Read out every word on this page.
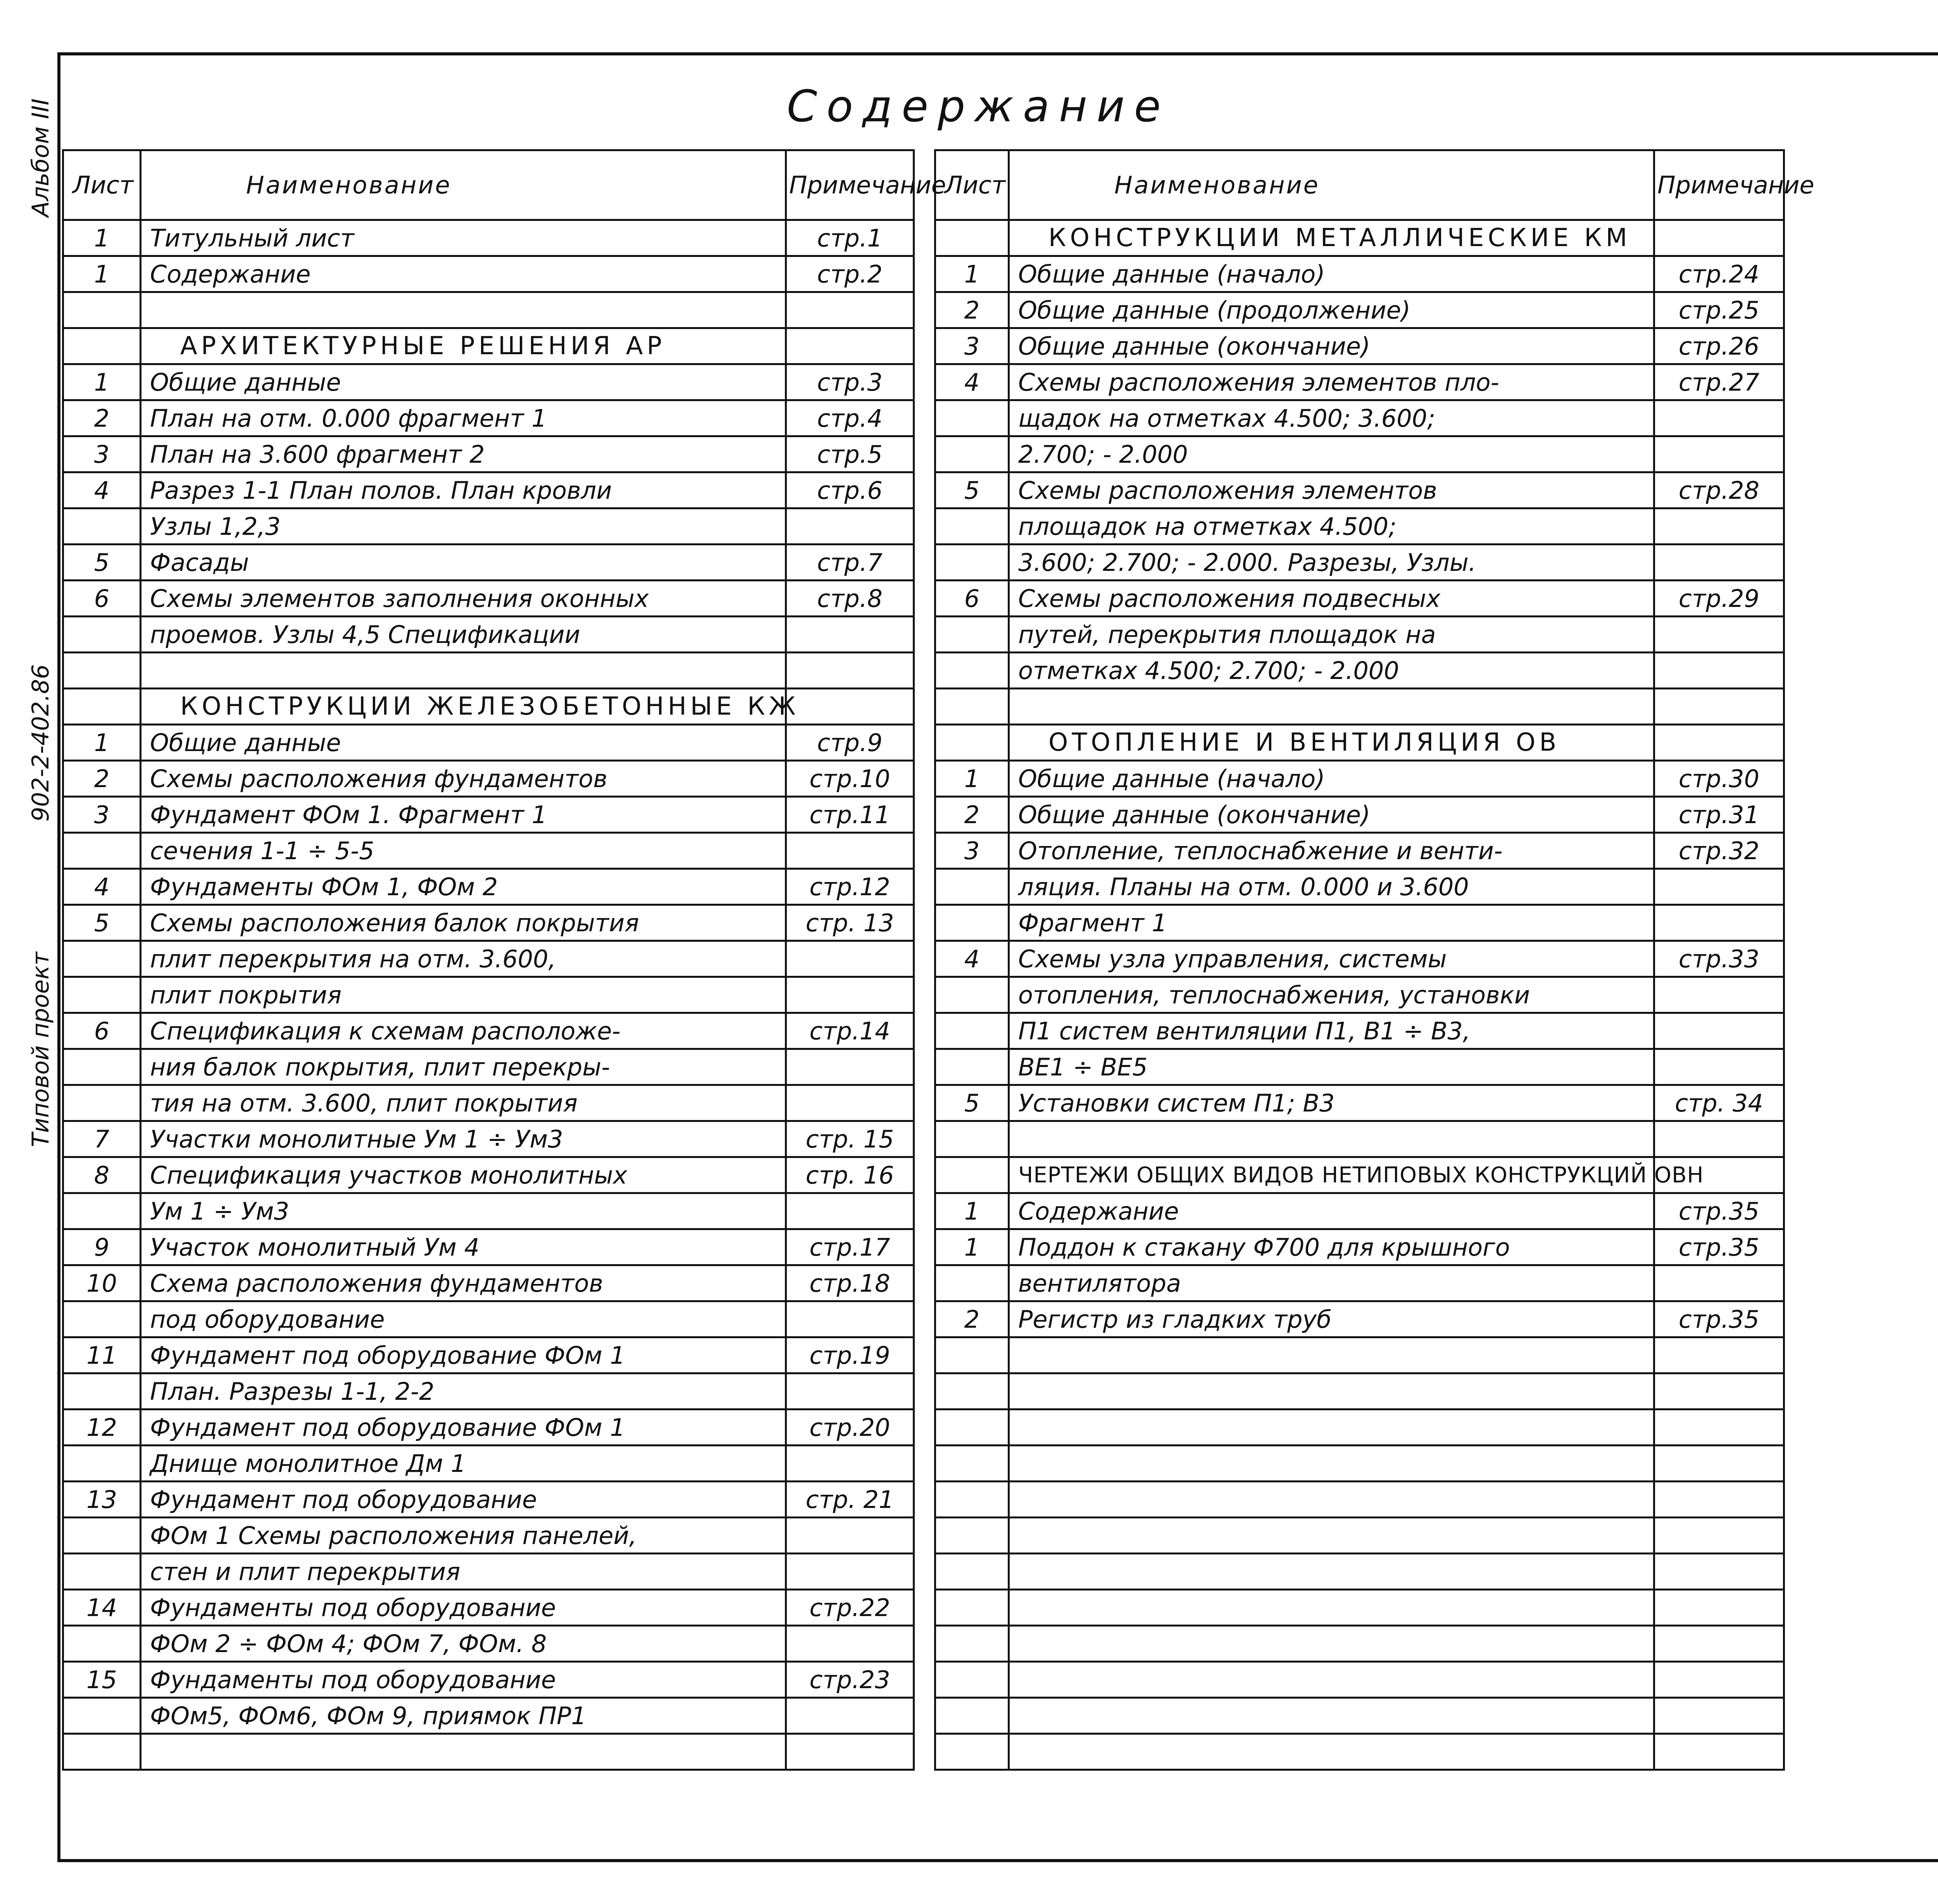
Содержание
Альбом III
902-2-402.86
Типовой проект
Лист	Наименование	Примечание
1	Титульный лист	стр.1
1	Содержание	стр.2

	АРХИТЕКТУРНЫЕ РЕШЕНИЯ АР	
1	Общие данные	стр.3
2	План на отм. 0.000 фрагмент 1	стр.4
3	План на 3.600 фрагмент 2	стр.5
4	Разрез 1-1 План полов. План кровли	стр.6
	Узлы 1,2,3	
5	Фасады	стр.7
6	Схемы элементов заполнения оконных	стр.8
	проемов. Узлы 4,5 Спецификации	

	КОНСТРУКЦИИ ЖЕЛЕЗОБЕТОННЫЕ КЖ	
1	Общие данные	стр.9
2	Схемы расположения фундаментов	стр.10
3	Фундамент ФОм 1. Фрагмент 1	стр.11
	сечения 1-1 ÷ 5-5	
4	Фундаменты ФОм 1, ФОм 2	стр.12
5	Схемы расположения балок покрытия	стр. 13
	плит перекрытия на отм. 3.600,	
	плит покрытия	
6	Спецификация к схемам расположе-	стр.14
	ния балок покрытия, плит перекры-	
	тия на отм. 3.600, плит покрытия	
7	Участки монолитные Ум 1 ÷ Ум3	стр. 15
8	Спецификация участков монолитных	стр. 16
	Ум 1 ÷ Ум3	
9	Участок монолитный Ум 4	стр.17
10	Схема расположения фундаментов	стр.18
	под оборудование	
11	Фундамент под оборудование ФОм 1	стр.19
	План. Разрезы 1-1, 2-2	
12	Фундамент под оборудование ФОм 1	стр.20
	Днище монолитное Дм 1	
13	Фундамент под оборудование	стр. 21
	ФОм 1 Схемы расположения панелей,	
	стен и плит перекрытия	
14	Фундаменты под оборудование	стр.22
	ФОм 2 ÷ ФОм 4; ФОм 7, ФОм. 8	
15	Фундаменты под оборудование	стр.23
	ФОм5, ФОм6, ФОм 9, приямок ПР1	

Лист	Наименование	Примечание
	КОНСТРУКЦИИ МЕТАЛЛИЧЕСКИЕ КМ	
1	Общие данные (начало)	стр.24
2	Общие данные (продолжение)	стр.25
3	Общие данные (окончание)	стр.26
4	Схемы расположения элементов пло-	стр.27
	щадок на отметках 4.500; 3.600;	
	2.700; - 2.000	
5	Схемы расположения элементов	стр.28
	площадок на отметках 4.500;	
	3.600; 2.700; - 2.000. Разрезы, Узлы.	
6	Схемы расположения подвесных	стр.29
	путей, перекрытия площадок на	
	отметках 4.500; 2.700; - 2.000	

	ОТОПЛЕНИЕ И ВЕНТИЛЯЦИЯ ОВ	
1	Общие данные (начало)	стр.30
2	Общие данные (окончание)	стр.31
3	Отопление, теплоснабжение и венти-	стр.32
	ляция. Планы на отм. 0.000 и 3.600	
	Фрагмент 1	
4	Схемы узла управления, системы	стр.33
	отопления, теплоснабжения, установки	
	П1 систем вентиляции П1, В1 ÷ В3,	
	ВЕ1 ÷ ВЕ5	
5	Установки систем П1; В3	стр. 34

	ЧЕРТЕЖИ ОБЩИХ ВИДОВ НЕТИПОВЫХ КОНСТРУКЦИЙ ОВН	
1	Содержание	стр.35
1	Поддон к стакану Ф700 для крышного	стр.35
	вентилятора	
2	Регистр из гладких труб	стр.35
